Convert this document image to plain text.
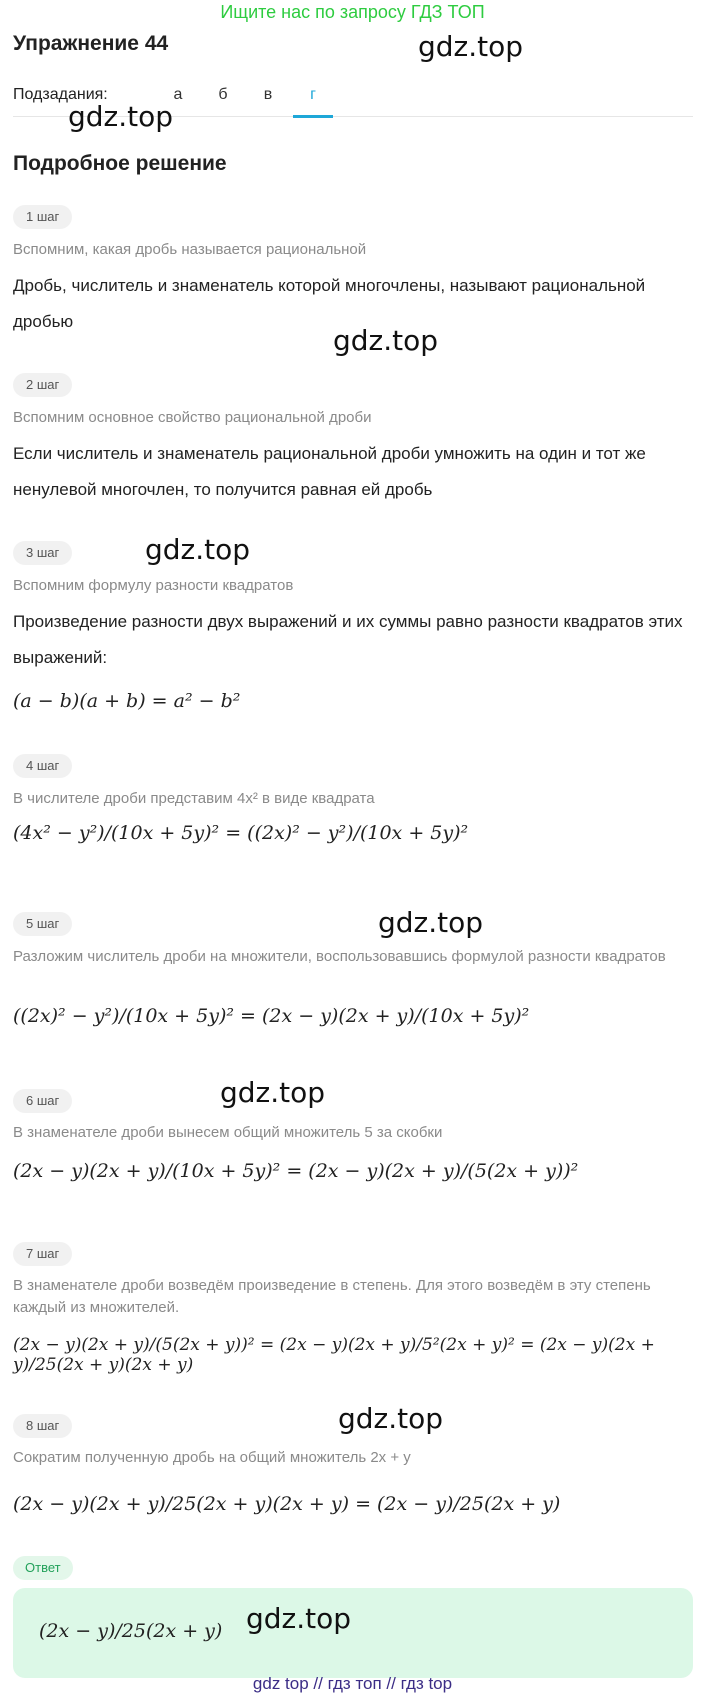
Ищите нас по запросу ГДЗ ТОП
Упражнение 44	gdz.top
Подзадания:	а	б	в	г
gdz.top
Подробное решение
1 шаг
Вспомним, какая дробь называется рациональной
Дробь, числитель и знаменатель которой многочлены, называют рациональной дробью
gdz.top
2 шаг
Вспомним основное свойство рациональной дроби
Если числитель и знаменатель рациональной дроби умножить на один и тот же ненулевой многочлен, то получится равная ей дробь
3 шаг	gdz.top
Вспомним формулу разности квадратов
Произведение разности двух выражений и их суммы равно разности квадратов этих выражений:
(a − b)(a + b) = a² − b²
4 шаг
В числителе дроби представим 4x² в виде квадрата
(4x² − y²)/(10x + 5y)² = ((2x)² − y²)/(10x + 5y)²
gdz.top
5 шаг
Разложим числитель дроби на множители, воспользовавшись формулой разности квадратов
((2x)² − y²)/(10x + 5y)² = (2x − y)(2x + y)/(10x + 5y)²
gdz.top
6 шаг
В знаменателе дроби вынесем общий множитель 5 за скобки
(2x − y)(2x + y)/(10x + 5y)² = (2x − y)(2x + y)/(5(2x + y))²
7 шаг
В знаменателе дроби возведём произведение в степень. Для этого возведём в эту степень каждый из множителей.
(2x − y)(2x + y)/(5(2x + y))² = (2x − y)(2x + y)/5²(2x + y)² = (2x − y)(2x + y)/25(2x + y)(2x + y)
gdz.top
8 шаг
Сократим полученную дробь на общий множитель 2x + y
(2x − y)(2x + y)/25(2x + y)(2x + y) = (2x − y)/25(2x + y)
Ответ
(2x − y)/25(2x + y) gdz.top
gdz top // гдз топ // гдз top
